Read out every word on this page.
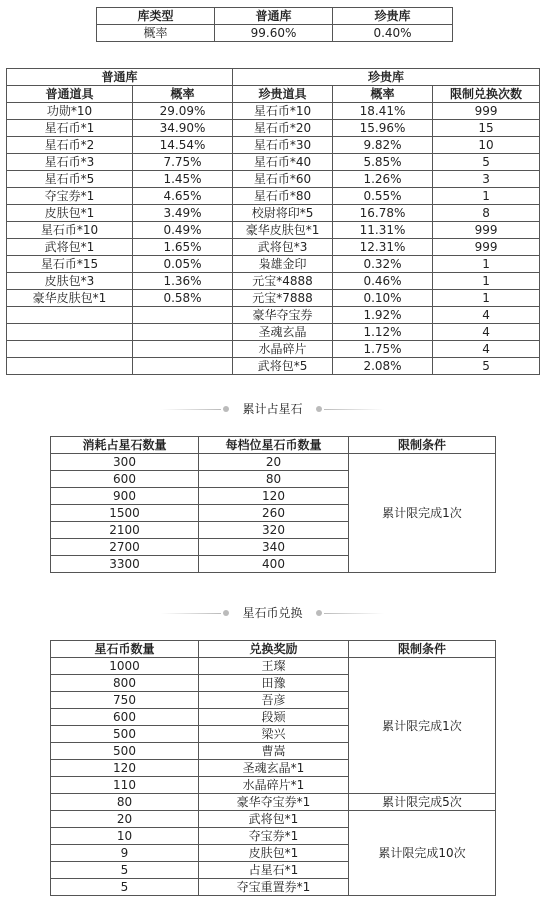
库类型	普通库	珍贵库
概率	99.60%	0.40%
普通库		珍贵库		
普通道具	概率	珍贵道具	概率	限制兑换次数
功勋*10	29.09%	星石币*10	18.41%	999
星石币*1	34.90%	星石币*20	15.96%	15
星石币*2	14.54%	星石币*30	9.82%	10
星石币*3	7.75%	星石币*40	5.85%	5
星石币*5	1.45%	星石币*60	1.26%	3
夺宝券*1	4.65%	星石币*80	0.55%	1
皮肤包*1	3.49%	校尉将印*5	16.78%	8
星石币*10	0.49%	豪华皮肤包*1	11.31%	999
武将包*1	1.65%	武将包*3	12.31%	999
星石币*15	0.05%	枭雄金印	0.32%	1
皮肤包*3	1.36%	元宝*4888	0.46%	1
豪华皮肤包*1	0.58%	元宝*7888	0.10%	1
		豪华夺宝券	1.92%	4
		圣魂玄晶	1.12%	4
		水晶碎片	1.75%	4
		武将包*5	2.08%	5
累计占星石
消耗占星石数量	每档位星石币数量	限制条件
300	20	累计限完成1次
600	80	
900	120	
1500	260	
2100	320	
2700	340	
3300	400	
星石币兑换
星石币数量	兑换奖励	限制条件
1000	王璨	累计限完成1次
800	田豫	
750	吾彦	
600	段颎	
500	梁兴	
500	曹嵩	
120	圣魂玄晶*1	
110	水晶碎片*1	
80	豪华夺宝券*1	累计限完成5次
20	武将包*1	累计限完成10次
10	夺宝券*1	
9	皮肤包*1	
5	占星石*1	
5	夺宝重置券*1	
